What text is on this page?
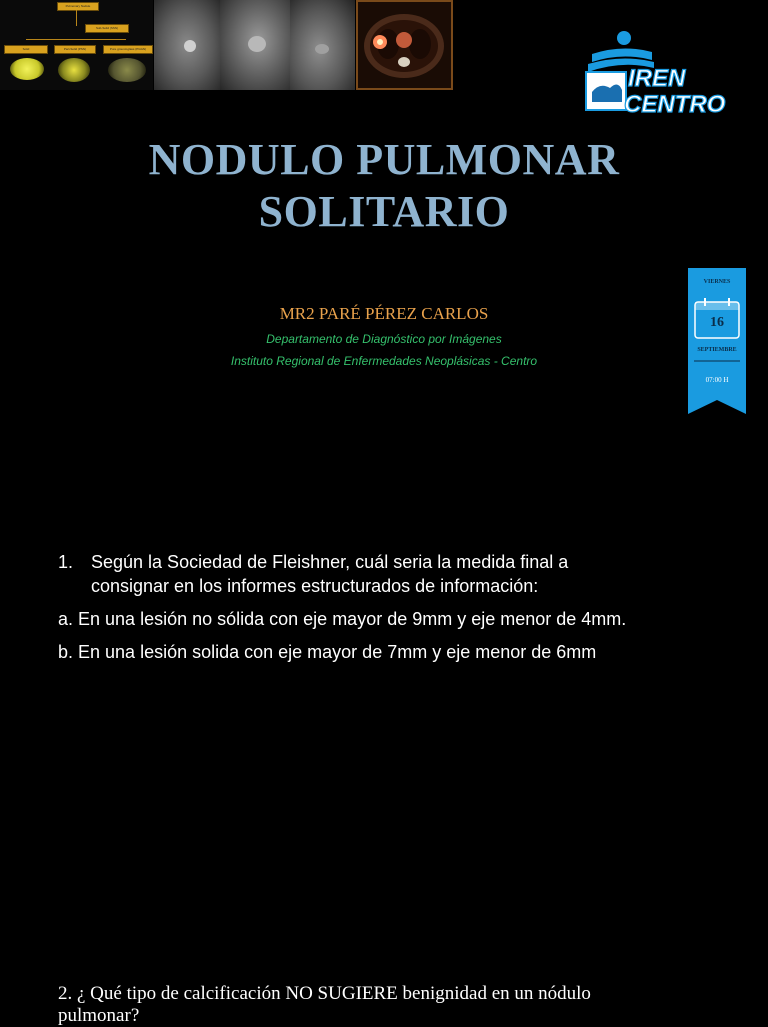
Pulmonary Nodule
Sub-Solid (SSN)
Solid	Part-Solid (PSN)	Pure ground-glass (PGGN)
IREN
CENTRO
NODULO PULMONAR
SOLITARIO
MR2 PARÉ PÉREZ CARLOS
Departamento de Diagnóstico por Imágenes
Instituto Regional de Enfermedades Neoplásicas - Centro
VIERNES
16
SEPTIEMBRE
07:00 H
1. Según la Sociedad de Fleishner, cuál seria la medida final a
consignar en los informes estructurados de información:
a. En una lesión no sólida con eje mayor de 9mm y eje menor de 4mm.
b. En una lesión solida con eje mayor de 7mm y eje menor de 6mm
2. ¿ Qué tipo de calcificación NO SUGIERE benignidad en un nódulo
pulmonar?
